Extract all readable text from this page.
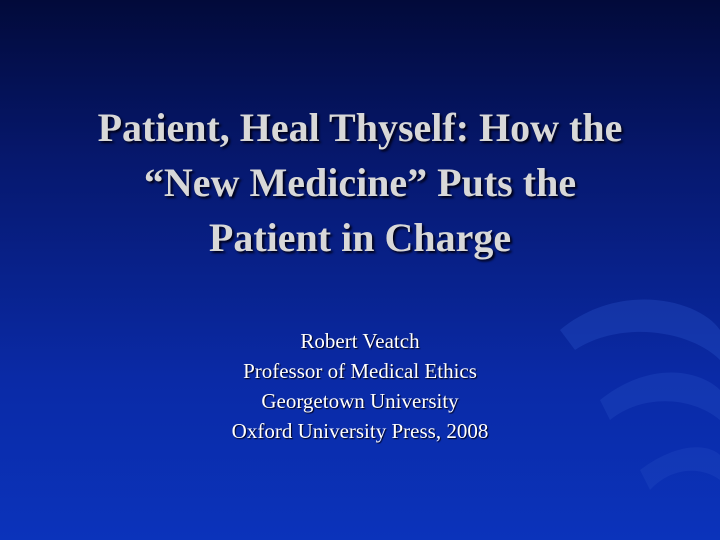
Patient, Heal Thyself: How the
“New Medicine” Puts the
Patient in Charge
Robert Veatch
Professor of Medical Ethics
Georgetown University
Oxford University Press, 2008
